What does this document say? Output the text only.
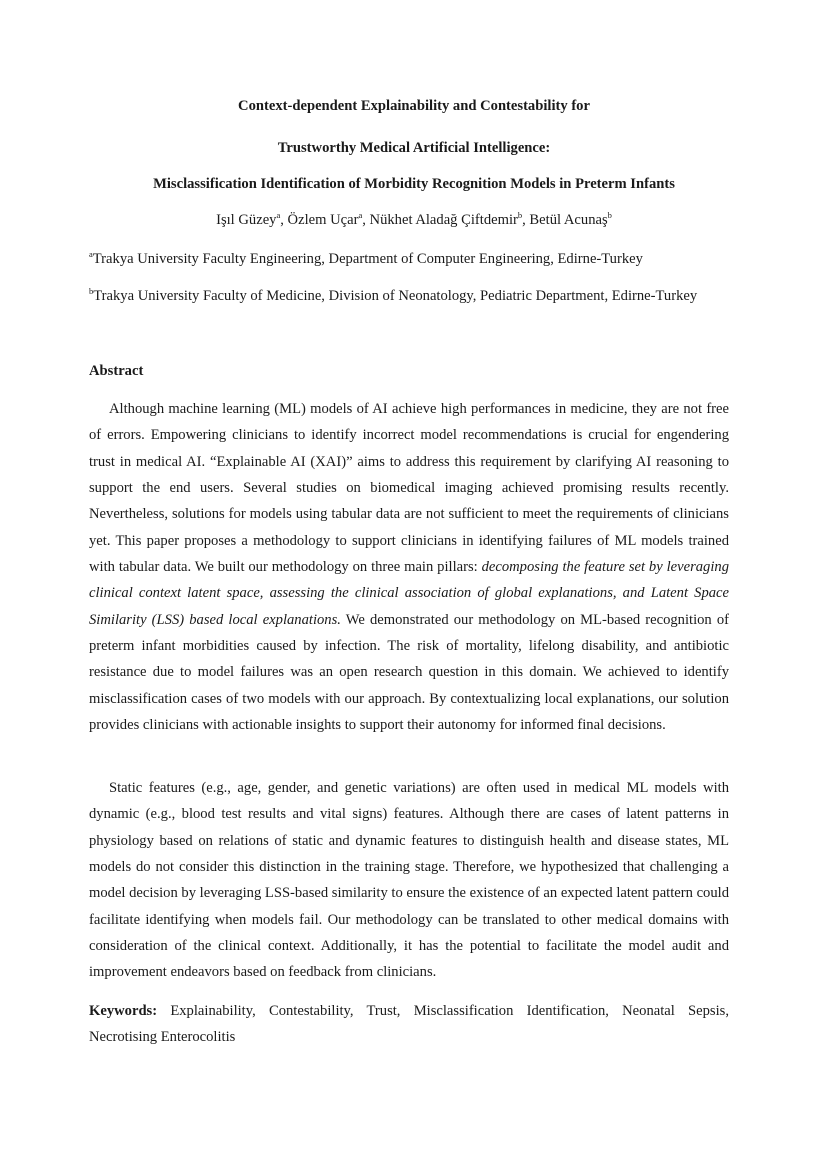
Context-dependent Explainability and Contestability for
Trustworthy Medical Artificial Intelligence:
Misclassification Identification of Morbidity Recognition Models in Preterm Infants
Işıl Güzey$^a$, Özlem Uçar$^a$, Nükhet Aladağ Çiftdemir$^b$, Betül Acunaş$^b$
$^a$Trakya University Faculty Engineering, Department of Computer Engineering, Edirne-Turkey
$^b$Trakya University Faculty of Medicine, Division of Neonatology, Pediatric Department, Edirne-Turkey
Abstract

Although machine learning (ML) models of AI achieve high performances in medicine, they are not free of errors. Empowering clinicians to identify incorrect model recommendations is crucial for engendering trust in medical AI. “Explainable AI (XAI)” aims to address this requirement by clarifying AI reasoning to support the end users. Several studies on biomedical imaging achieved promising results recently. Nevertheless, solutions for models using tabular data are not sufficient to meet the requirements of clinicians yet. This paper proposes a methodology to support clinicians in identifying failures of ML models trained with tabular data. We built our methodology on three main pillars: decomposing the feature set by leveraging clinical context latent space, assessing the clinical association of global explanations, and Latent Space Similarity (LSS) based local explanations. We demonstrated our methodology on ML-based recognition of preterm infant morbidities caused by infection. The risk of mortality, lifelong disability, and antibiotic resistance due to model failures was an open research question in this domain. We achieved to identify misclassification cases of two models with our approach. By contextualizing local explanations, our solution provides clinicians with actionable insights to support their autonomy for informed final decisions.

Static features (e.g., age, gender, and genetic variations) are often used in medical ML models with dynamic (e.g., blood test results and vital signs) features. Although there are cases of latent patterns in physiology based on relations of static and dynamic features to distinguish health and disease states, ML models do not consider this distinction in the training stage. Therefore, we hypothesized that challenging a model decision by leveraging LSS-based similarity to ensure the existence of an expected latent pattern could facilitate identifying when models fail. Our methodology can be translated to other medical domains with consideration of the clinical context. Additionally, it has the potential to facilitate the model audit and improvement endeavors based on feedback from clinicians.

Keywords: Explainability, Contestability, Trust, Misclassification Identification, Neonatal Sepsis, Necrotising Enterocolitis
